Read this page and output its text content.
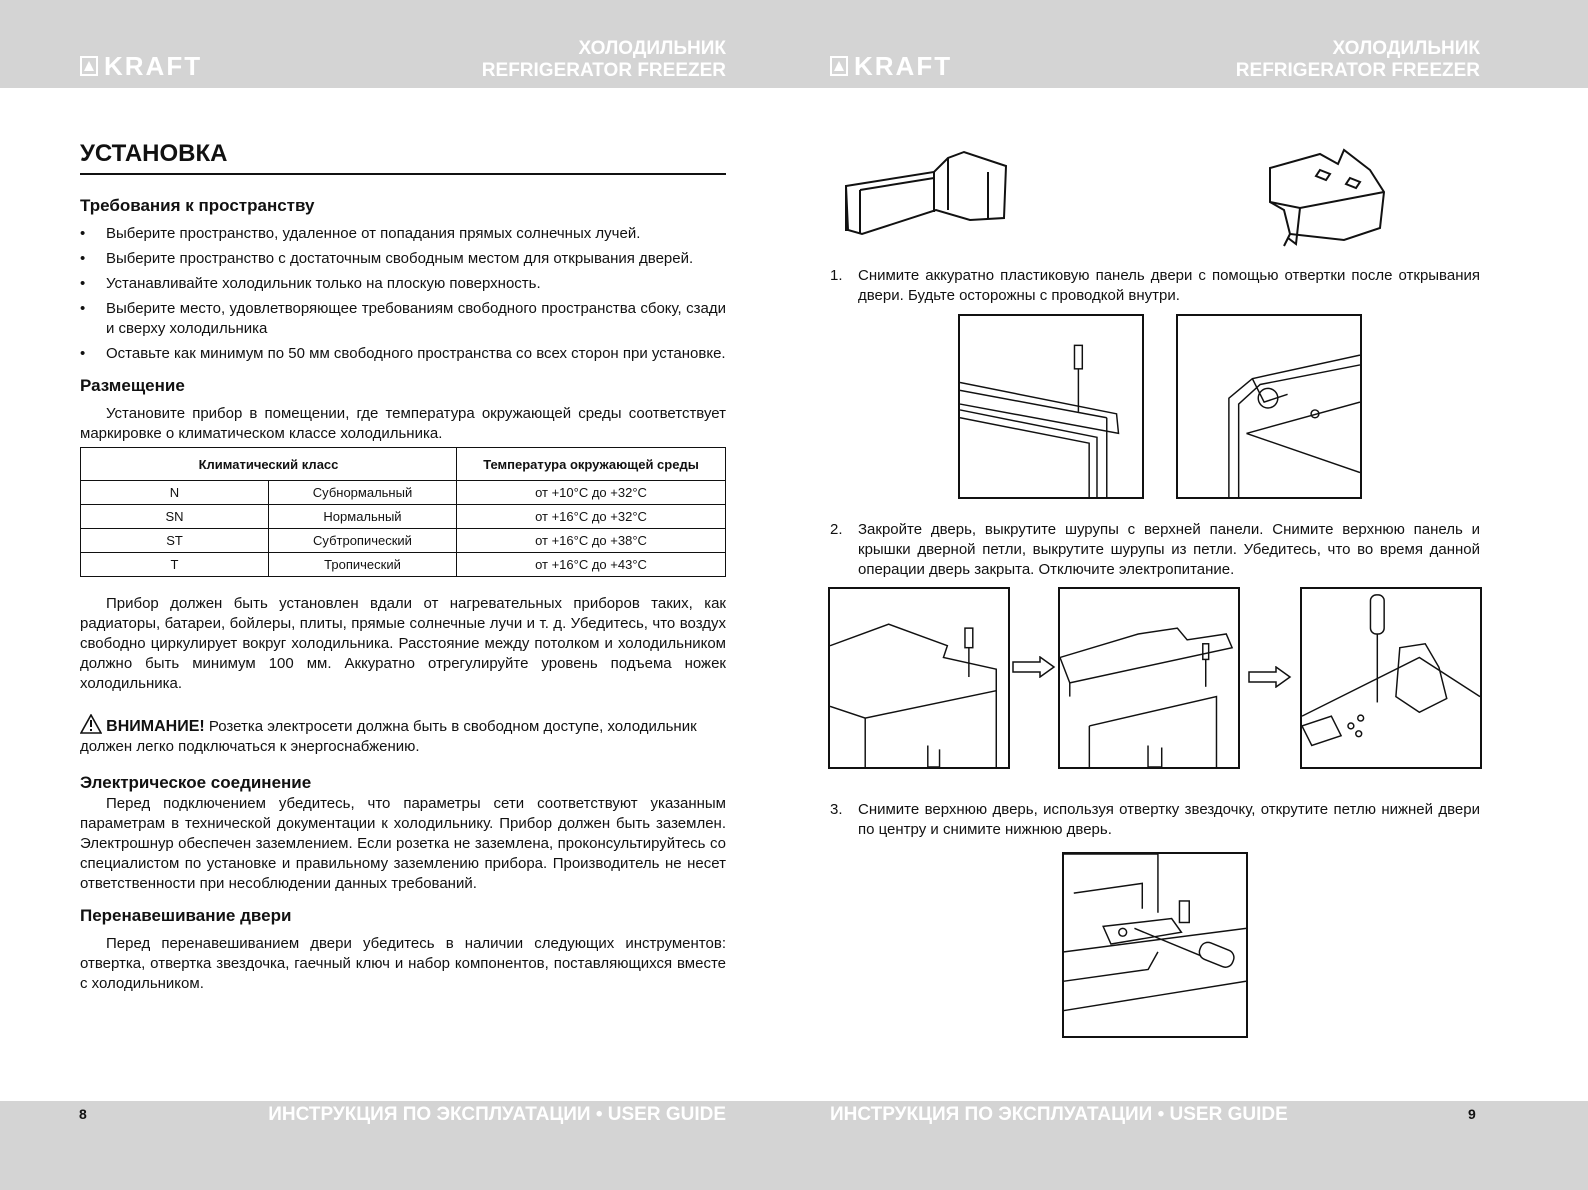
KRAFT
ХОЛОДИЛЬНИК
REFRIGERATOR FREEZER	KRAFT
ХОЛОДИЛЬНИК
REFRIGERATOR FREEZER
УСТАНОВКА
Требования к пространству
• Выберите пространство, удаленное от попадания прямых солнечных лучей.
• Выберите пространство с достаточным свободным местом для открывания дверей.
• Устанавливайте холодильник только на плоскую поверхность.
• Выберите место, удовлетворяющее требованиям свободного пространства сбоку, сзади и сверху холодильника
• Оставьте как минимум по 50 мм свободного пространства со всех сторон при установке.
Размещение

Установите прибор в помещении, где температура окружающей среды соответствует маркировке о климатическом классе холодильника.

Климатический класс		Температура окружающей среды
N	Субнормальный	от +10°C до +32°C
SN	Нормальный	от +16°C до +32°C
ST	Субтропический	от +16°C до +38°C
T	Тропический	от +16°C до +43°C

Прибор должен быть установлен вдали от нагревательных приборов таких, как радиаторы, батареи, бойлеры, плиты, прямые солнечные лучи и т. д. Убедитесь, что воздух свободно циркулирует вокруг холодильника. Расстояние между потолком и холодильником должно быть минимум 100 мм. Аккуратно отрегулируйте уровень подъема ножек холодильника.

ВНИМАНИЕ! Розетка электросети должна быть в свободном доступе, холодильник должен легко подключаться к энергоснабжению.
Электрическое соединение

Перед подключением убедитесь, что параметры сети соответствуют указанным параметрам в технической документации к холодильнику. Прибор должен быть заземлен. Электрошнур обеспечен заземлением. Если розетка не заземлена, проконсультируйтесь со специалистом по установке и правильному заземлению прибора. Производитель не несет ответственности при несоблюдении данных требований.

Перенавешивание двери

Перед перенавешиванием двери убедитесь в наличии следующих инструментов: отвертка, отвертка звездочка, гаечный ключ и набор компонентов, поставляющихся вместе с холодильником.

1.	Снимите аккуратно пластиковую панель двери с помощью отвертки после открывания двери. Будьте осторожны с проводкой внутри.
2.	Закройте дверь, выкрутите шурупы с верхней панели. Снимите верхнюю панель и крышки дверной петли, выкрутите шурупы из петли. Убедитесь, что во время данной операции дверь закрыта. Отключите электропитание.
3.	Снимите верхнюю дверь, используя отвертку звездочку, открутите петлю нижней двери по центру и снимите нижнюю дверь.
8	ИНСТРУКЦИЯ ПО ЭКСПЛУАТАЦИИ • USER GUIDE	ИНСТРУКЦИЯ ПО ЭКСПЛУАТАЦИИ • USER GUIDE	9
